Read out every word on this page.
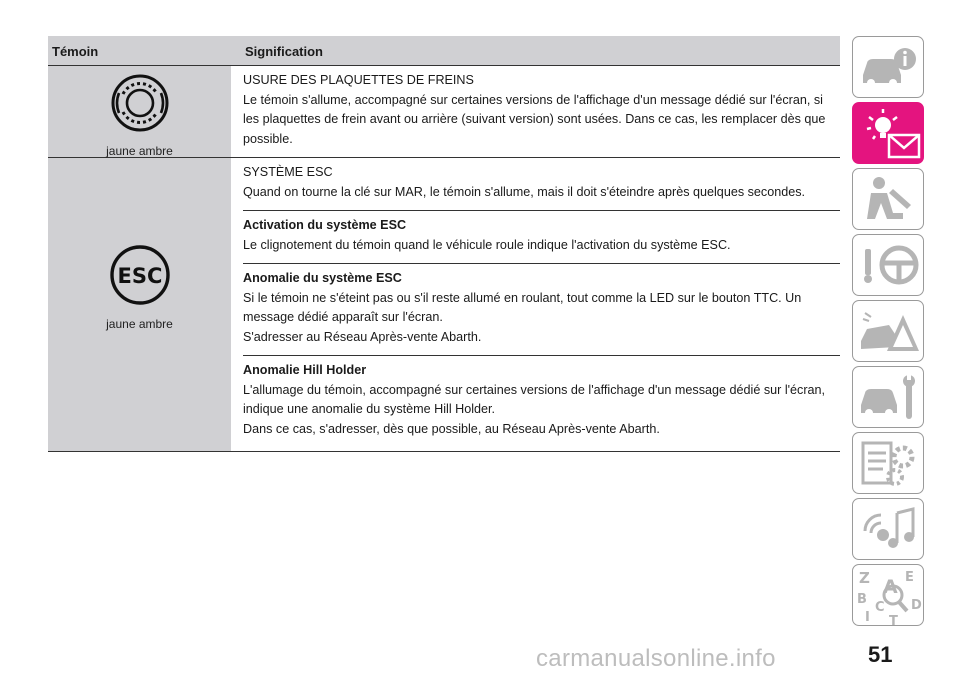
Témoin	Signification
jaune ambre

USURE DES PLAQUETTES DE FREINS

Le témoin s'allume, accompagné sur certaines versions de l'affichage d'un message dédié sur l'écran, si les plaquettes de frein avant ou arrière (suivant version) sont usées. Dans ce cas, les remplacer dès que possible.

ESC
jaune ambre

SYSTÈME ESC

Quand on tourne la clé sur MAR, le témoin s'allume, mais il doit s'éteindre après quelques secondes.

Activation du système ESC

Le clignotement du témoin quand le véhicule roule indique l'activation du système ESC.

Anomalie du système ESC

Si le témoin ne s'éteint pas ou s'il reste allumé en roulant, tout comme la LED sur le bouton TTC. Un message dédié apparaît sur l'écran.

S'adresser au Réseau Après-vente Abarth.

Anomalie Hill Holder

L'allumage du témoin, accompagné sur certaines versions de l'affichage d'un message dédié sur l'écran, indique une anomalie du système Hill Holder.

Dans ce cas, s'adresser, dès que possible, au Réseau Après-vente Abarth.

Z	E
A
B
C D
I T
51
carmanualsonline.info
